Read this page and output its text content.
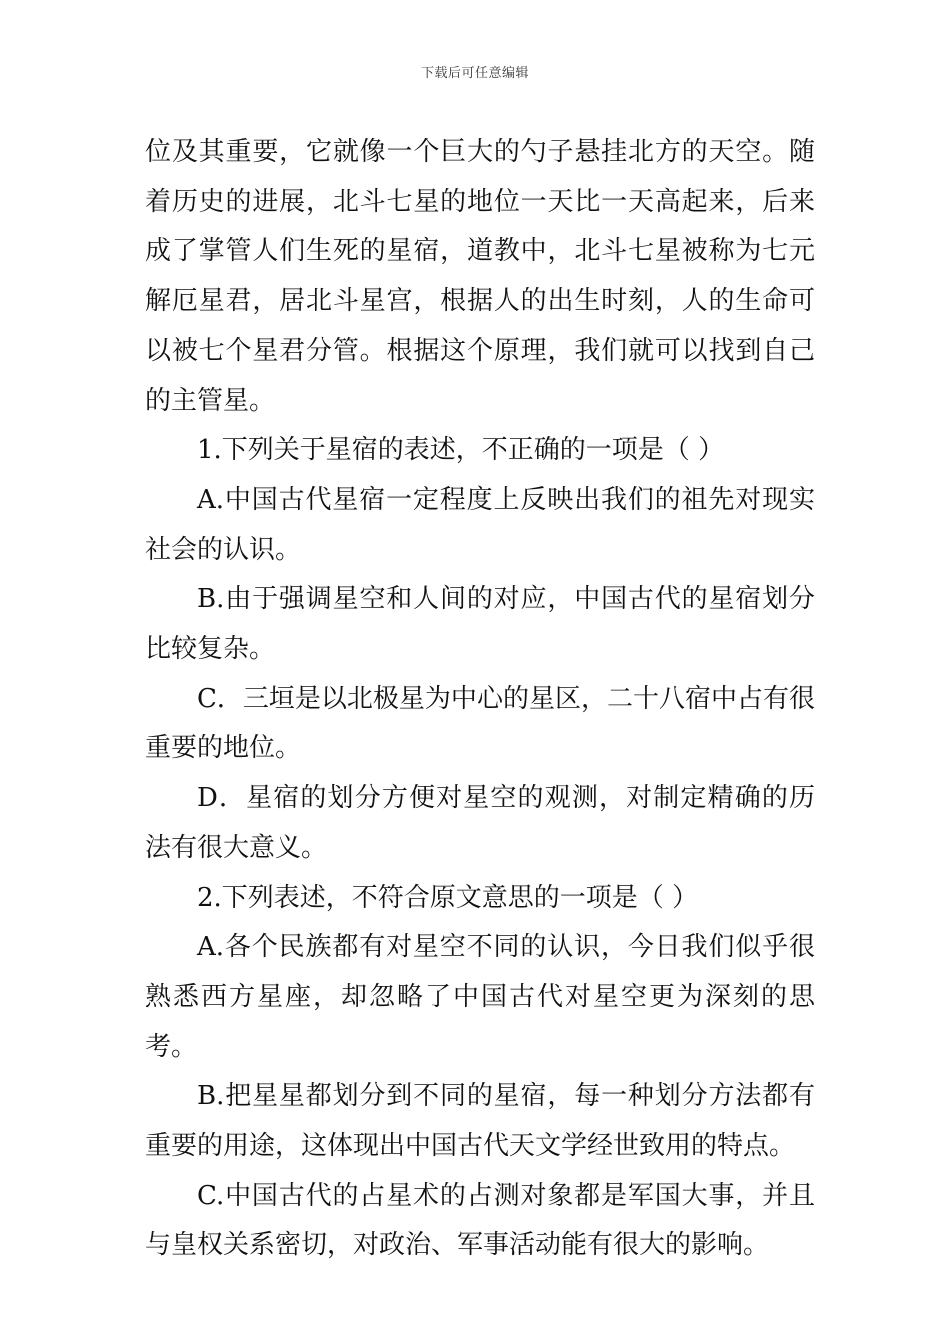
下载后可任意编辑

位及其重要，它就像一个巨大的勺子悬挂北方的天空。随着历史的进展，北斗七星的地位一天比一天高起来，后来成了掌管人们生死的星宿，道教中，北斗七星被称为七元解厄星君，居北斗星宫，根据人的出生时刻，人的生命可以被七个星君分管。根据这个原理，我们就可以找到自己的主管星。

1.下列关于星宿的表述，不正确的一项是（ ）

A.中国古代星宿一定程度上反映出我们的祖先对现实社会的认识。

B.由于强调星空和人间的对应，中国古代的星宿划分比较复杂。

C．三垣是以北极星为中心的星区，二十八宿中占有很重要的地位。

D．星宿的划分方便对星空的观测，对制定精确的历法有很大意义。

2.下列表述，不符合原文意思的一项是（ ）

A.各个民族都有对星空不同的认识，今日我们似乎很熟悉西方星座，却忽略了中国古代对星空更为深刻的思考。

B.把星星都划分到不同的星宿，每一种划分方法都有重要的用途，这体现出中国古代天文学经世致用的特点。

C.中国古代的占星术的占测对象都是军国大事，并且与皇权关系密切，对政治、军事活动能有很大的影响。
